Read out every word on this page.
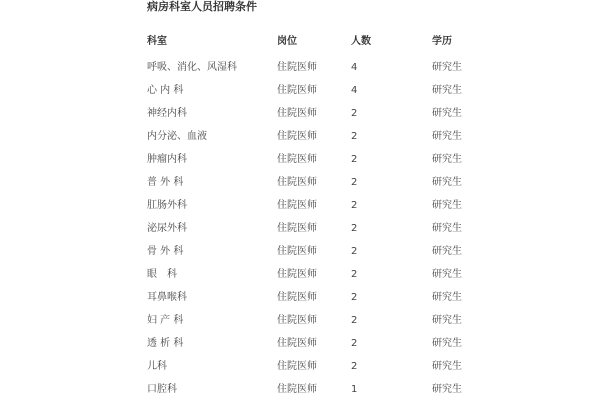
病房科室人员招聘条件
科室	岗位	人数	学历
呼吸、消化、风湿科	住院医师	4	研究生
心 内 科	住院医师	4	研究生
神经内科	住院医师	2	研究生
内分泌、血液	住院医师	2	研究生
肿瘤内科	住院医师	2	研究生
普 外 科	住院医师	2	研究生
肛肠外科	住院医师	2	研究生
泌尿外科	住院医师	2	研究生
骨 外 科	住院医师	2	研究生
眼　科	住院医师	2	研究生
耳鼻喉科	住院医师	2	研究生
妇 产 科	住院医师	2	研究生
透 析 科	住院医师	2	研究生
儿科	住院医师	2	研究生
口腔科	住院医师	1	研究生
